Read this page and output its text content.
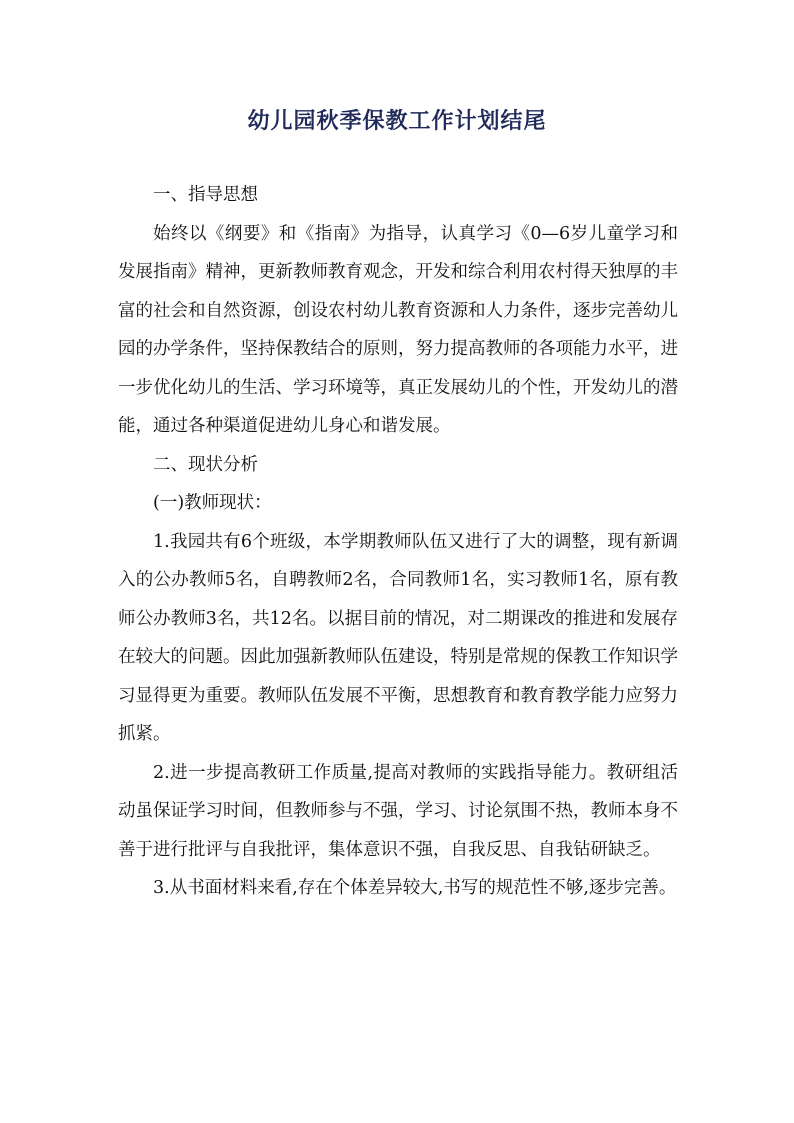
幼儿园秋季保教工作计划结尾

一、指导思想

始终以《纲要》和《指南》为指导，认真学习《0—6岁儿童学习和发展指南》精神，更新教师教育观念，开发和综合利用农村得天独厚的丰富的社会和自然资源，创设农村幼儿教育资源和人力条件，逐步完善幼儿园的办学条件，坚持保教结合的原则，努力提高教师的各项能力水平，进一步优化幼儿的生活、学习环境等，真正发展幼儿的个性，开发幼儿的潜能，通过各种渠道促进幼儿身心和谐发展。

二、现状分析

(一)教师现状：

1.我园共有6个班级，本学期教师队伍又进行了大的调整，现有新调入的公办教师5名，自聘教师2名，合同教师1名，实习教师1名，原有教师公办教师3名，共12名。以据目前的情况，对二期课改的推进和发展存在较大的问题。因此加强新教师队伍建设，特别是常规的保教工作知识学习显得更为重要。教师队伍发展不平衡，思想教育和教育教学能力应努力抓紧。

2.进一步提高教研工作质量,提高对教师的实践指导能力。教研组活动虽保证学习时间，但教师参与不强，学习、讨论氛围不热，教师本身不善于进行批评与自我批评，集体意识不强，自我反思、自我钻研缺乏。

3.从书面材料来看,存在个体差异较大,书写的规范性不够,逐步完善。
